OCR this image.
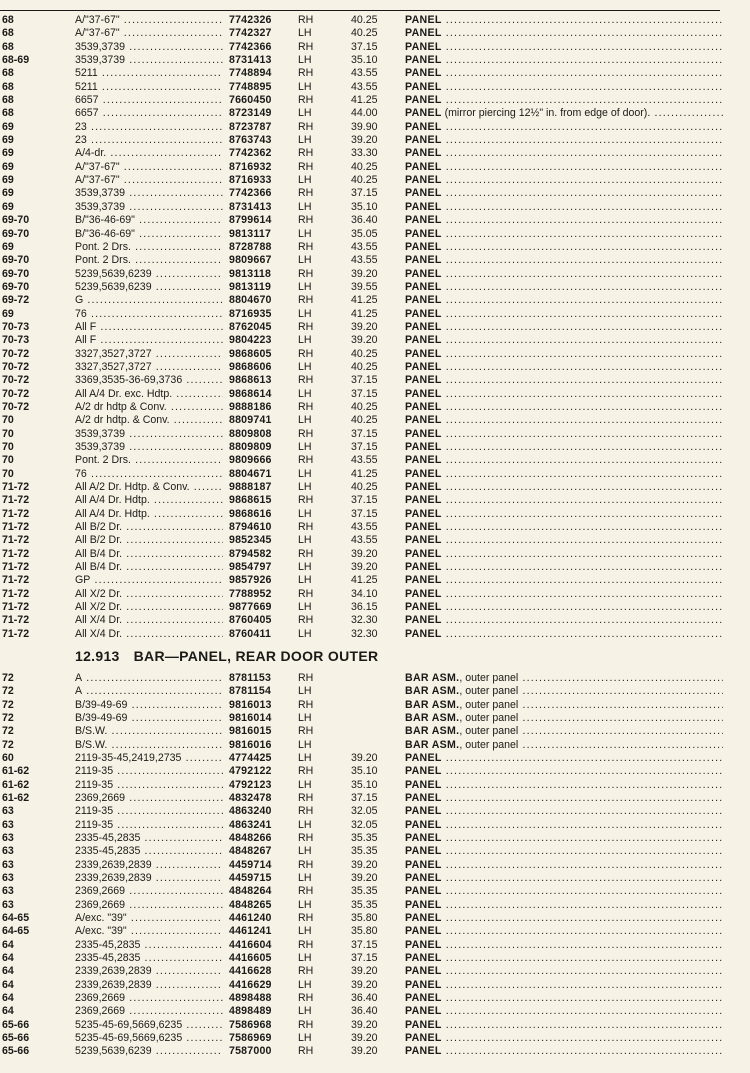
68	A/"37-67" .....	7742326 RH	40.25	PANEL .....
68	A/"37-67" .....	7742327 LH	40.25	PANEL .....
68	3539,3739 .....	7742366 RH	37.15	PANEL .....
68-69	3539,3739 .....	8731413 LH	35.10	PANEL .....
68	5211 .....	7748894 RH	43.55	PANEL .....
68	5211 .....	7748895 LH	43.55	PANEL .....
68	6657 .....	7660450 RH	41.25	PANEL .....
68	6657 .....	8723149 LH	44.00	PANEL (mirror piercing 12½" in. from edge of door). .....
69	23 .....	8723787 RH	39.90	PANEL .....
69	23 .....	8763743 LH	39.20	PANEL .....
69	A/4-dr. .....	7742362 RH	33.30	PANEL .....
69	A/"37-67" .....	8716932 RH	40.25	PANEL .....
69	A/"37-67" .....	8716933 LH	40.25	PANEL .....
69	3539,3739 .....	7742366 RH	37.15	PANEL .....
69	3539,3739 .....	8731413 LH	35.10	PANEL .....
69-70	B/"36-46-69" .....	8799614 RH	36.40	PANEL .....
69-70	B/"36-46-69" .....	9813117	LH	35.05	PANEL .....
69	Pont. 2 Drs. .....	8728788 RH	43.55	PANEL .....
69-70	Pont. 2 Drs. .....	9809667 LH	43.55	PANEL .....
69-70	5239,5639,6239 .....	9813118	RH	39.20	PANEL .....
69-70	5239,5639,6239 .....	9813119	LH	39.55	PANEL .....
69-72	G .....	8804670 RH	41.25	PANEL .....
69	76 .....	8716935 LH	41.25	PANEL .....
70-73	All F .....	8762045 RH	39.20	PANEL .....
70-73	All F .....	9804223 LH	39.20	PANEL .....
70-72	3327,3527,3727 .....	9868605 RH	40.25	PANEL .....
70-72	3327,3527,3727 .....	9868606 LH	40.25	PANEL .....
70-72	3369,3535-36-69,3736 .....	9868613 RH	37.15	PANEL .....
70-72	All A/4 Dr. exc. Hdtp. .....	9868614 LH	37.15	PANEL .....
70-72	A/2 dr hdtp & Conv. .....	9888186 RH	40.25	PANEL .....
70	A/2 dr hdtp. & Conv. .....	8809741 LH	40.25	PANEL .....
70	3539,3739 .....	8809808 RH	37.15	PANEL .....
70	3539,3739 .....	8809809 LH	37.15	PANEL .....
70	Pont. 2 Drs. .....	9809666 RH	43.55	PANEL .....
70	76 .....	8804671 LH	41.25	PANEL .....
71-72	All A/2 Dr. Hdtp. & Conv. .....	9888187 LH	40.25	PANEL .....
71-72	All A/4 Dr. Hdtp. .....	9868615 RH	37.15	PANEL .....
71-72	All A/4 Dr. Hdtp. .....	9868616 LH	37.15	PANEL .....
71-72	All B/2 Dr. .....	8794610 RH	43.55	PANEL .....
71-72	All B/2 Dr. .....	9852345 LH	43.55	PANEL .....
71-72	All B/4 Dr. .....	8794582 RH	39.20	PANEL .....
71-72	All B/4 Dr. .....	9854797 LH	39.20	PANEL .....
71-72	GP .....	9857926 LH	41.25	PANEL .....
71-72	All X/2 Dr. .....	7788952 RH	34.10	PANEL .....
71-72	All X/2 Dr. .....	9877669 LH	36.15	PANEL .....
71-72	All X/4 Dr. .....	8760405 RH	32.30	PANEL .....
71-72	All X/4 Dr. .....	8760411	LH	32.30	PANEL .....
12.913 BAR—PANEL, REAR DOOR OUTER
72	A .....	8781153	RH	BAR ASM., outer panel .....
72	A .....	8781154	LH	BAR ASM., outer panel .....
72	B/39-49-69 .....	9816013 RH	BAR ASM., outer panel .....
72	B/39-49-69 .....	9816014 LH	BAR ASM., outer panel .....
72	B/S.W. .....	9816015 RH	BAR ASM., outer panel .....
72	B/S.W. .....	9816016 LH	BAR ASM., outer panel .....
60	2119-35-45,2419,2735 .....	4774425 LH	39.20	PANEL .....
61-62	2119-35 .....	4792122 RH	35.10	PANEL .....
61-62	2119-35 .....	4792123 LH	35.10	PANEL .....
61-62	2369,2669 .....	4832478 RH	37.15	PANEL .....
63	2119-35 .....	4863240 RH	32.05	PANEL .....
63	2119-35 .....	4863241 LH	32.05	PANEL .....
63	2335-45,2835 .....	4848266 RH	35.35	PANEL .....
63	2335-45,2835 .....	4848267 LH	35.35	PANEL .....
63	2339,2639,2839 .....	4459714 RH	39.20	PANEL .....
63	2339,2639,2839 .....	4459715 LH	39.20	PANEL .....
63	2369,2669 .....	4848264 RH	35.35	PANEL .....
63	2369,2669 .....	4848265 LH	35.35	PANEL .....
64-65	A/exc. "39" .....	4461240 RH	35.80	PANEL .....
64-65	A/exc. "39" .....	4461241 LH	35.80	PANEL .....
64	2335-45,2835 .....	4416604 RH	37.15	PANEL .....
64	2335-45,2835 .....	4416605 LH	37.15	PANEL .....
64	2339,2639,2839 .....	4416628 RH	39.20	PANEL .....
64	2339,2639,2839 .....	4416629 LH	39.20	PANEL .....
64	2369,2669 .....	4898488 RH	36.40	PANEL .....
64	2369,2669 .....	4898489 LH	36.40	PANEL .....
65-66	5235-45-69,5669,6235 .....	7586968 RH	39.20	PANEL .....
65-66	5235-45-69,5669,6235 .....	7586969 LH	39.20	PANEL .....
65-66	5239,5639,6239 .....	7587000 RH	39.20	PANEL .....
